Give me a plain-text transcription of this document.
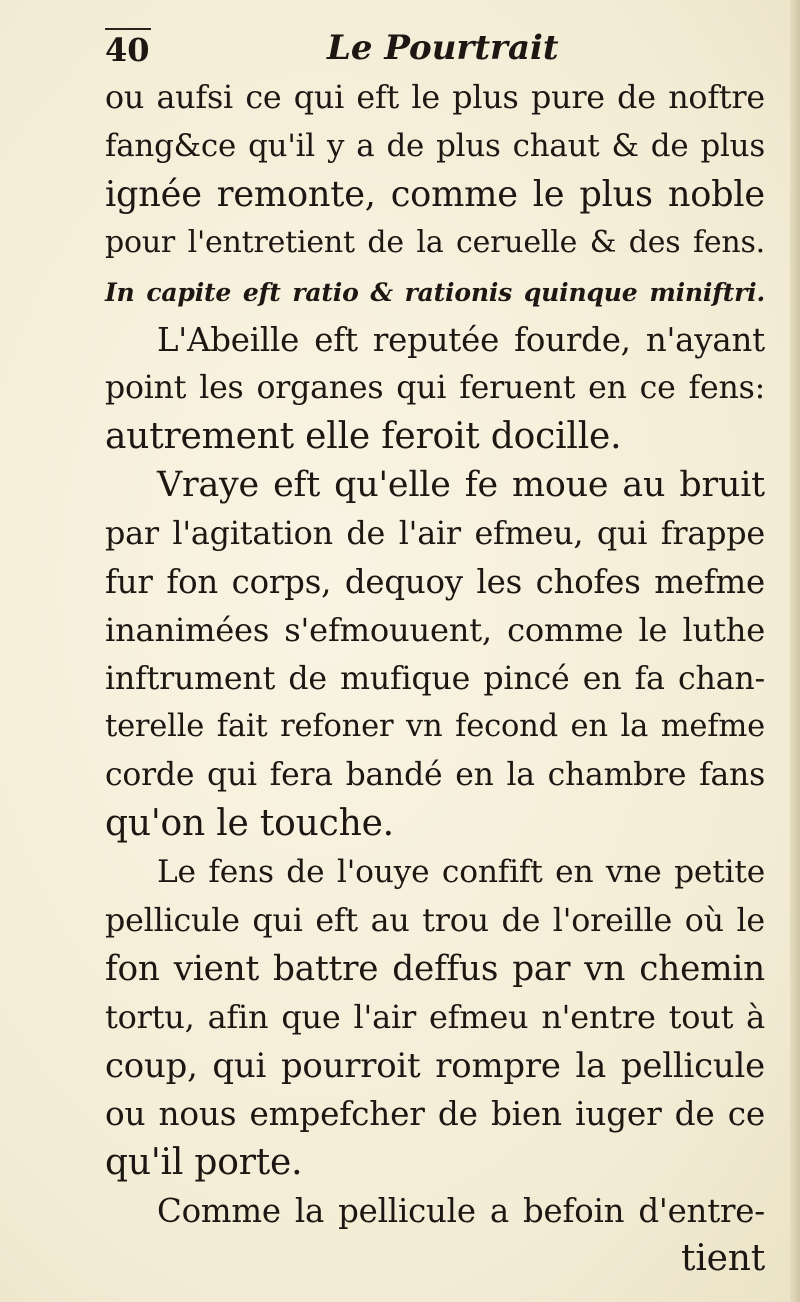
40	Le Pourtrait
ou aufsi ce qui eft le plus pure de noftre
fang&ce qu'il y a de plus chaut & de plus
ignée remonte, comme le plus noble
pour l'entretient de la ceruelle & des fens.
In capite eft ratio & rationis quinque miniftri.
L'Abeille eft reputée fourde, n'ayant
point les organes qui feruent en ce fens:
autrement elle feroit docille.
Vraye eft qu'elle fe moue au bruit
par l'agitation de l'air efmeu, qui frappe
fur fon corps, dequoy les chofes mefme
inanimées s'efmouuent, comme le luthe
inftrument de mufique pincé en fa chan-
terelle fait refoner vn fecond en la mefme
corde qui fera bandé en la chambre fans
qu'on le touche.
Le fens de l'ouye confift en vne petite
pellicule qui eft au trou de l'oreille où le
fon vient battre deffus par vn chemin
tortu, afin que l'air efmeu n'entre tout à
coup, qui pourroit rompre la pellicule
ou nous empefcher de bien iuger de ce
qu'il porte.
Comme la pellicule a befoin d'entre-
tient
